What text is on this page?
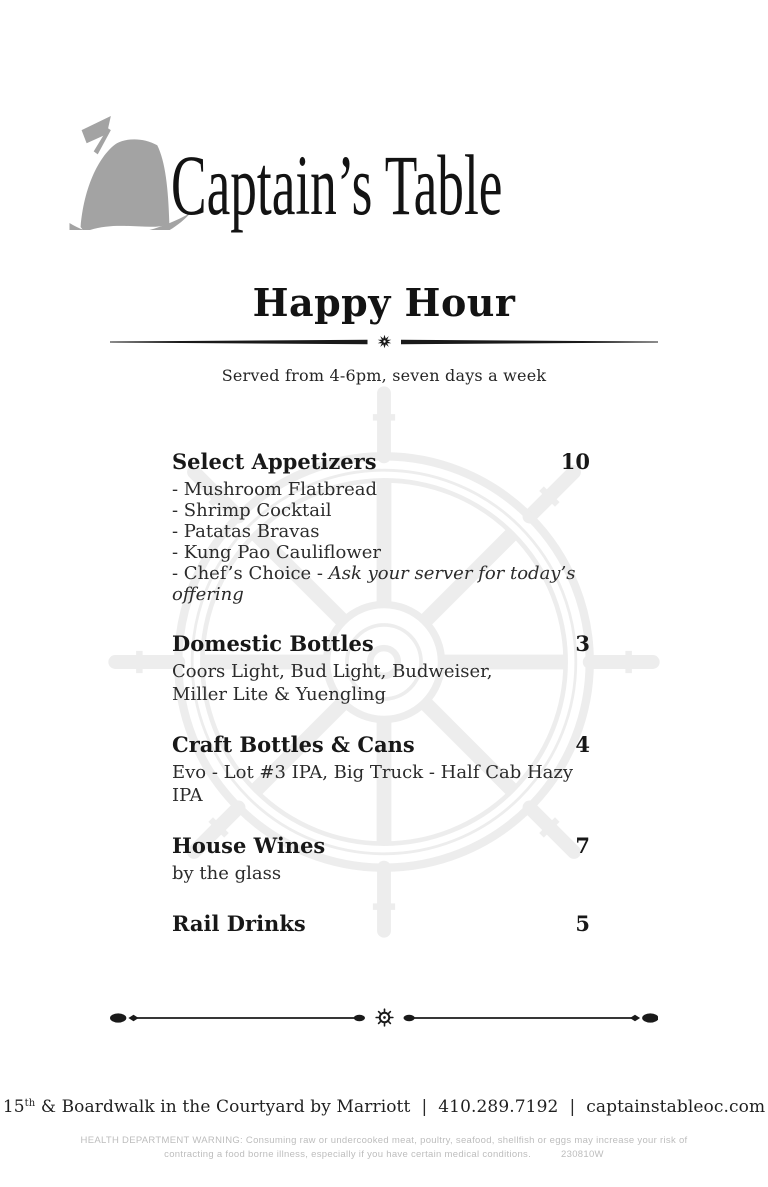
Captain’s Table
Happy Hour
Served from 4-6pm, seven days a week
Select Appetizers	10
- Mushroom Flatbread
- Shrimp Cocktail
- Patatas Bravas
- Kung Pao Cauliflower
- Chef’s Choice - Ask your server for today’s offering
Domestic Bottles	3
Coors Light, Bud Light, Budweiser,
Miller Lite & Yuengling
Craft Bottles & Cans	4
Evo - Lot #3 IPA, Big Truck - Half Cab Hazy IPA
House Wines	7
by the glass
Rail Drinks	5
15th & Boardwalk in the Courtyard by Marriott | 410.289.7192 | captainstableoc.com
HEALTH DEPARTMENT WARNING: Consuming raw or undercooked meat, poultry, seafood, shellfish or eggs may increase your risk of
contracting a food borne illness, especially if you have certain medical conditions.	230810W
